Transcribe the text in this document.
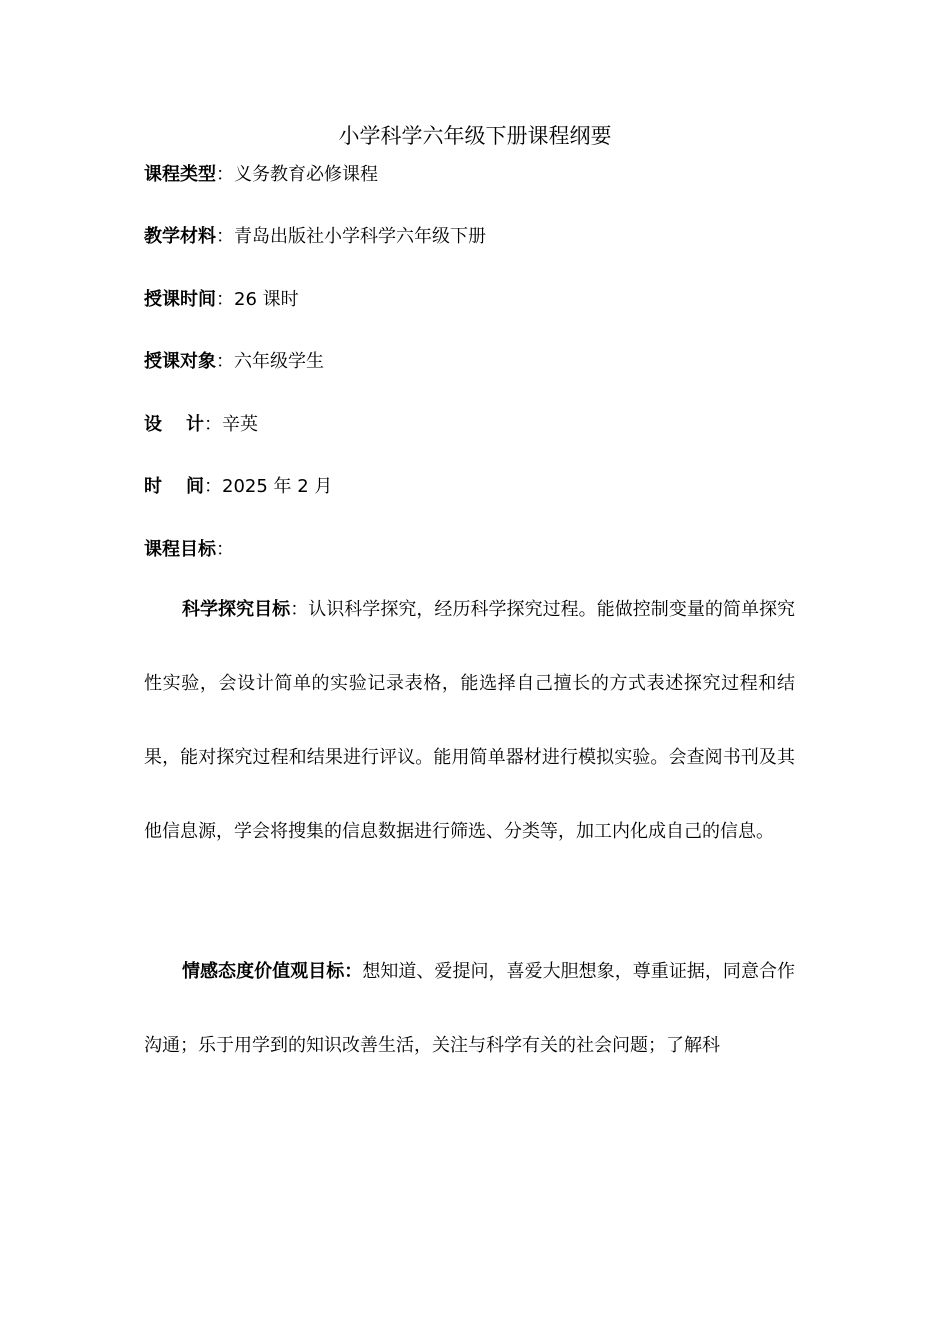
小学科学六年级下册课程纲要
课程类型：义务教育必修课程
教学材料：青岛出版社小学科学六年级下册
授课时间：26 课时
授课对象：六年级学生
设计：辛英
时间：2025 年 2 月
课程目标：

科学探究目标：认识科学探究，经历科学探究过程。能做控制变量的简单探究性实验，会设计简单的实验记录表格，能选择自己擅长的方式表述探究过程和结果，能对探究过程和结果进行评议。能用简单器材进行模拟实验。会查阅书刊及其他信息源，学会将搜集的信息数据进行筛选、分类等，加工内化成自己的信息。

情感态度价值观目标：想知道、爱提问，喜爱大胆想象，尊重证据，同意合作沟通；乐于用学到的知识改善生活，关注与科学有关的社会问题；了解科
